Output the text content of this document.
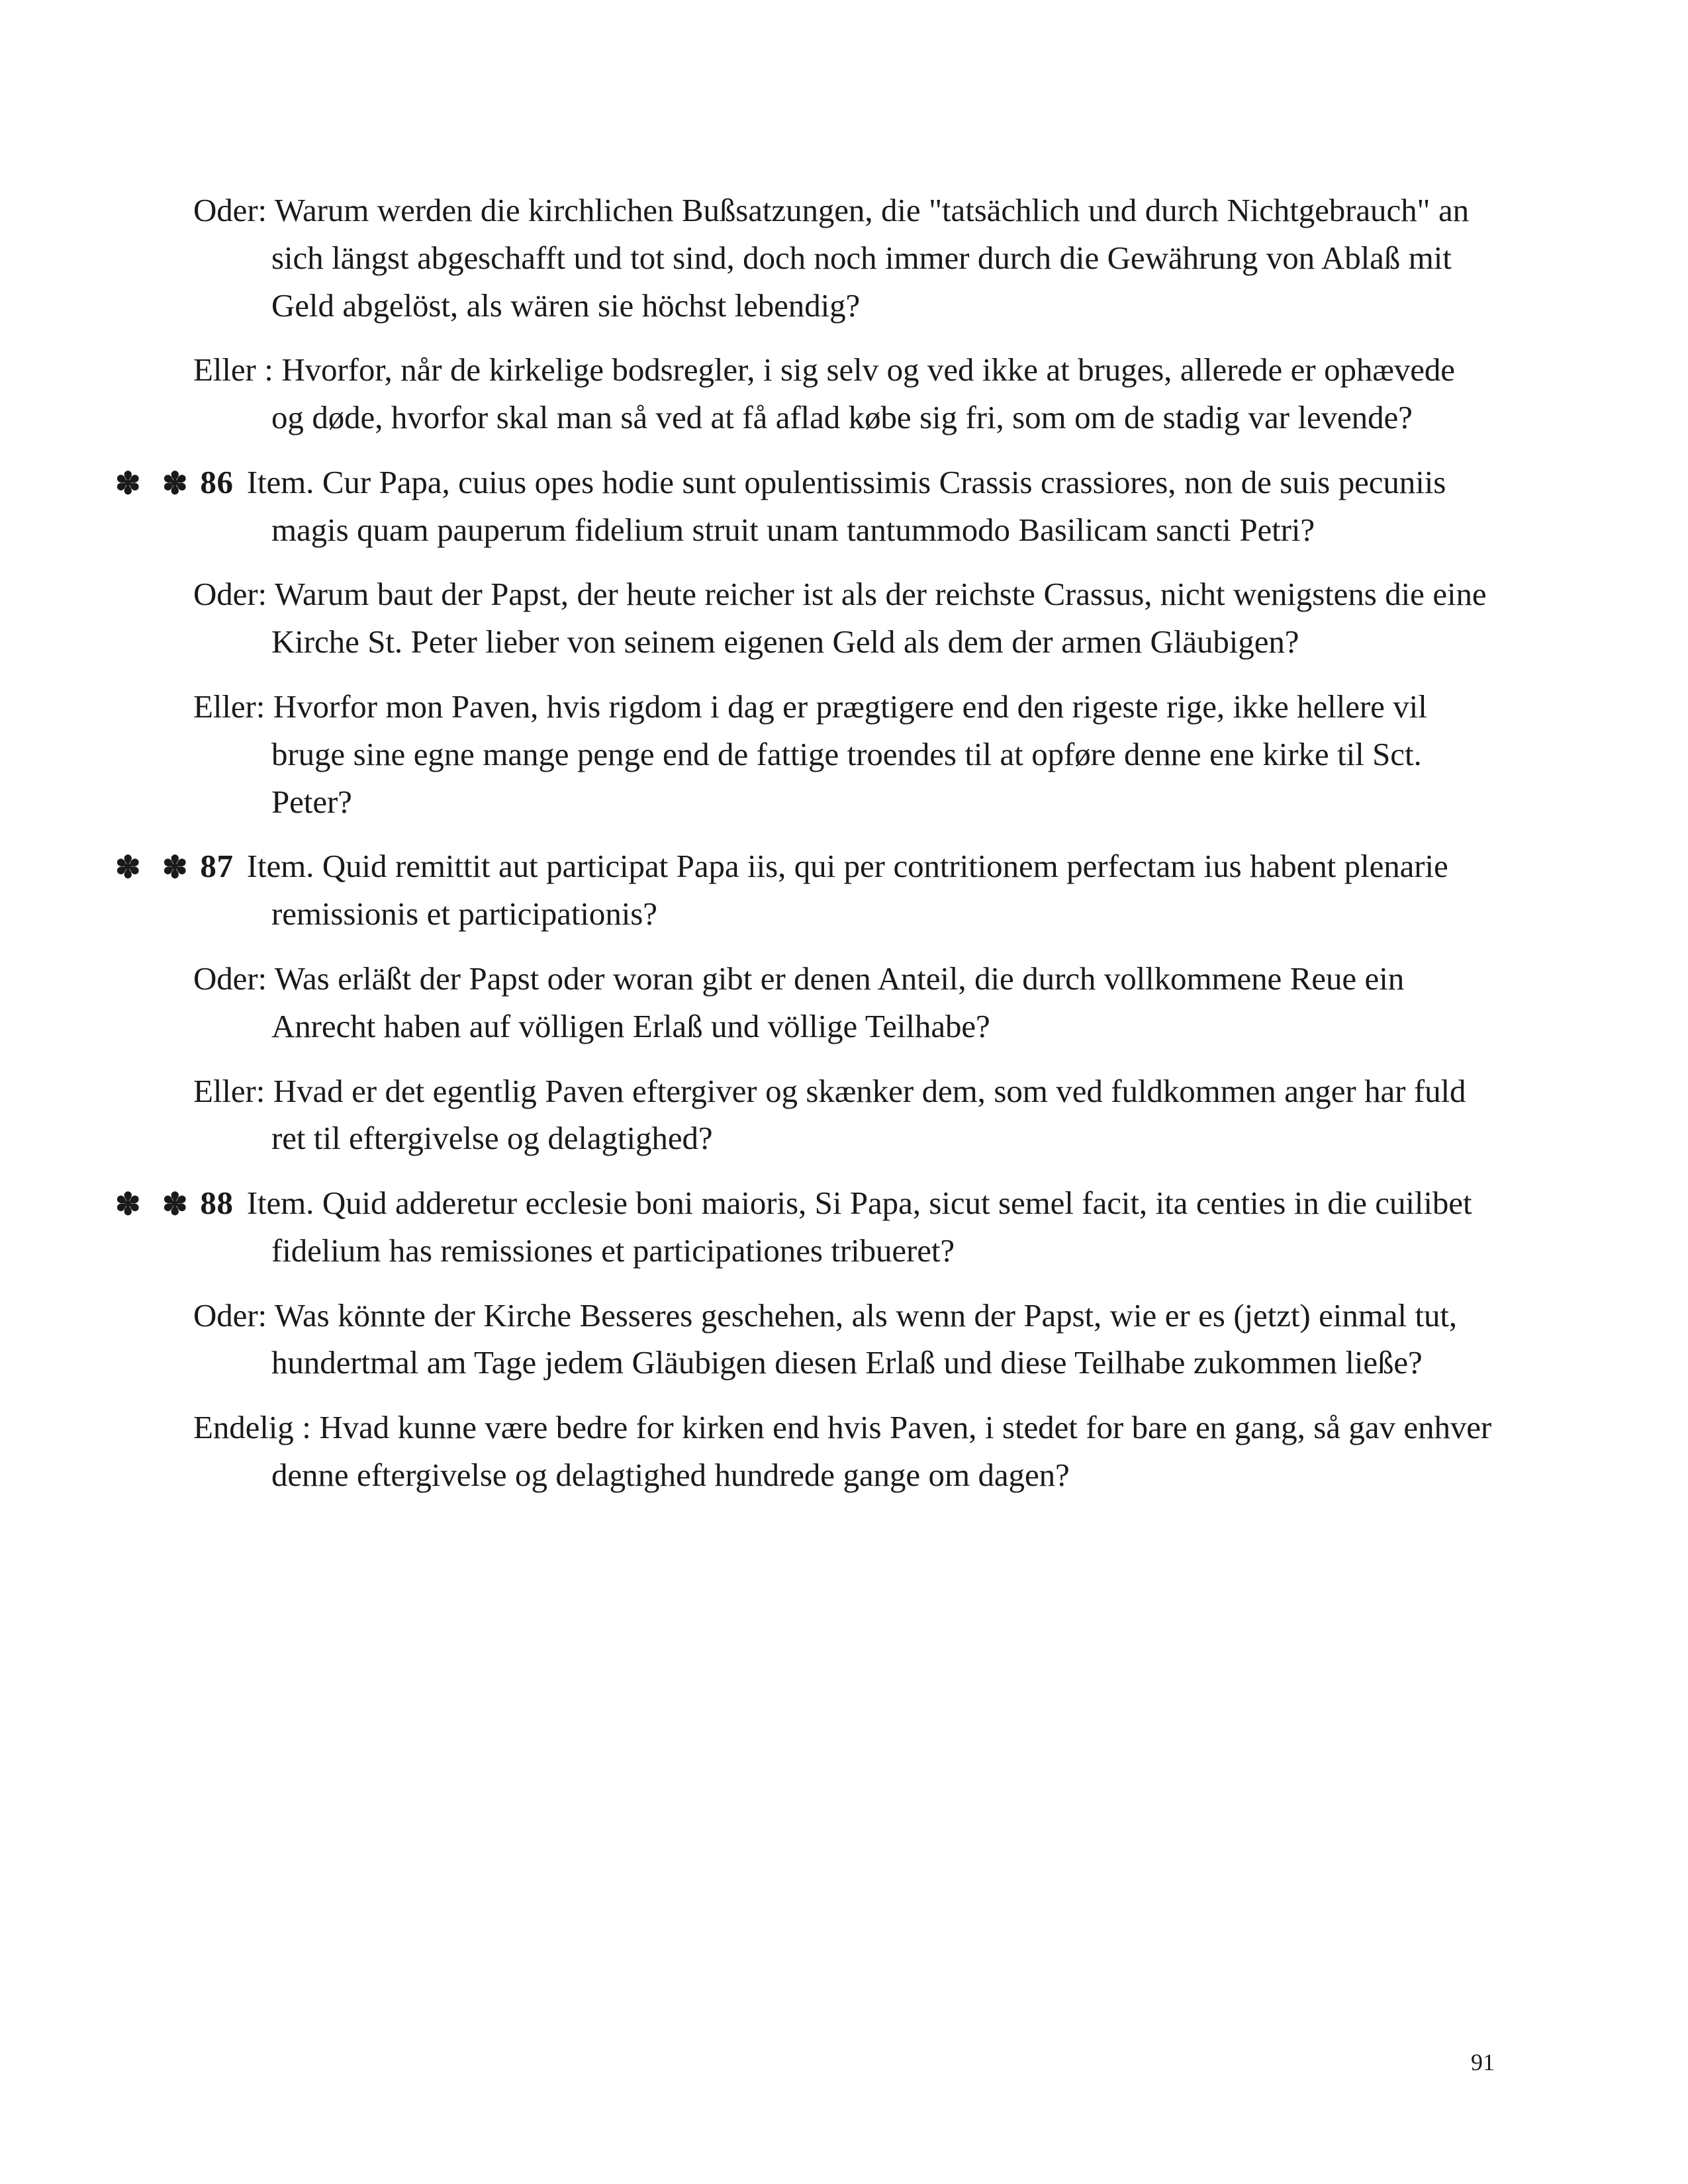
Oder: Warum werden die kirchlichen Bußsatzungen, die "tatsächlich und durch Nichtgebrauch" an sich längst abgeschafft und tot sind, doch noch immer durch die Gewährung von Ablaß mit Geld abgelöst, als wären sie höchst lebendig?

Eller : Hvorfor, når de kirkelige bodsregler, i sig selv og ved ikke at bruges, allerede er ophævede og døde, hvorfor skal man så ved at få aflad købe sig fri, som om de stadig var levende?

✽ 86 ✽  Item. Cur Papa, cuius opes hodie sunt opulentissimis Crassis crassiores, non de suis pecuniis magis quam pauperum fidelium struit unam tantummodo Basilicam sancti Petri?

Oder: Warum baut der Papst, der heute reicher ist als der reichste Crassus, nicht wenigstens die eine Kirche St. Peter lieber von seinem eigenen Geld als dem der armen Gläubigen?

Eller: Hvorfor mon Paven, hvis rigdom i dag er prægtigere end den rigeste rige, ikke hellere vil bruge sine egne mange penge end de fattige troendes til at opføre denne ene kirke til Sct. Peter?

✽ 87 ✽  Item. Quid remittit aut participat Papa iis, qui per contritionem perfectam ius habent plenarie remissionis et participationis?

Oder: Was erläßt der Papst oder woran gibt er denen Anteil, die durch vollkommene Reue ein Anrecht haben auf völligen Erlaß und völlige Teilhabe?

Eller: Hvad er det egentlig Paven eftergiver og skænker dem, som ved fuldkommen anger har fuld ret til eftergivelse og delagtighed?

✽ 88 ✽  Item. Quid adderetur ecclesie boni maioris, Si Papa, sicut semel facit, ita centies in die cuilibet fidelium has remissiones et participationes tribueret?

Oder: Was könnte der Kirche Besseres geschehen, als wenn der Papst, wie er es (jetzt) einmal tut, hundertmal am Tage jedem Gläubigen diesen Erlaß und diese Teilhabe zukommen ließe?

Endelig : Hvad kunne være bedre for kirken end hvis Paven, i stedet for bare en gang, så gav enhver denne eftergivelse og delagtighed hundrede gange om dagen?

91
